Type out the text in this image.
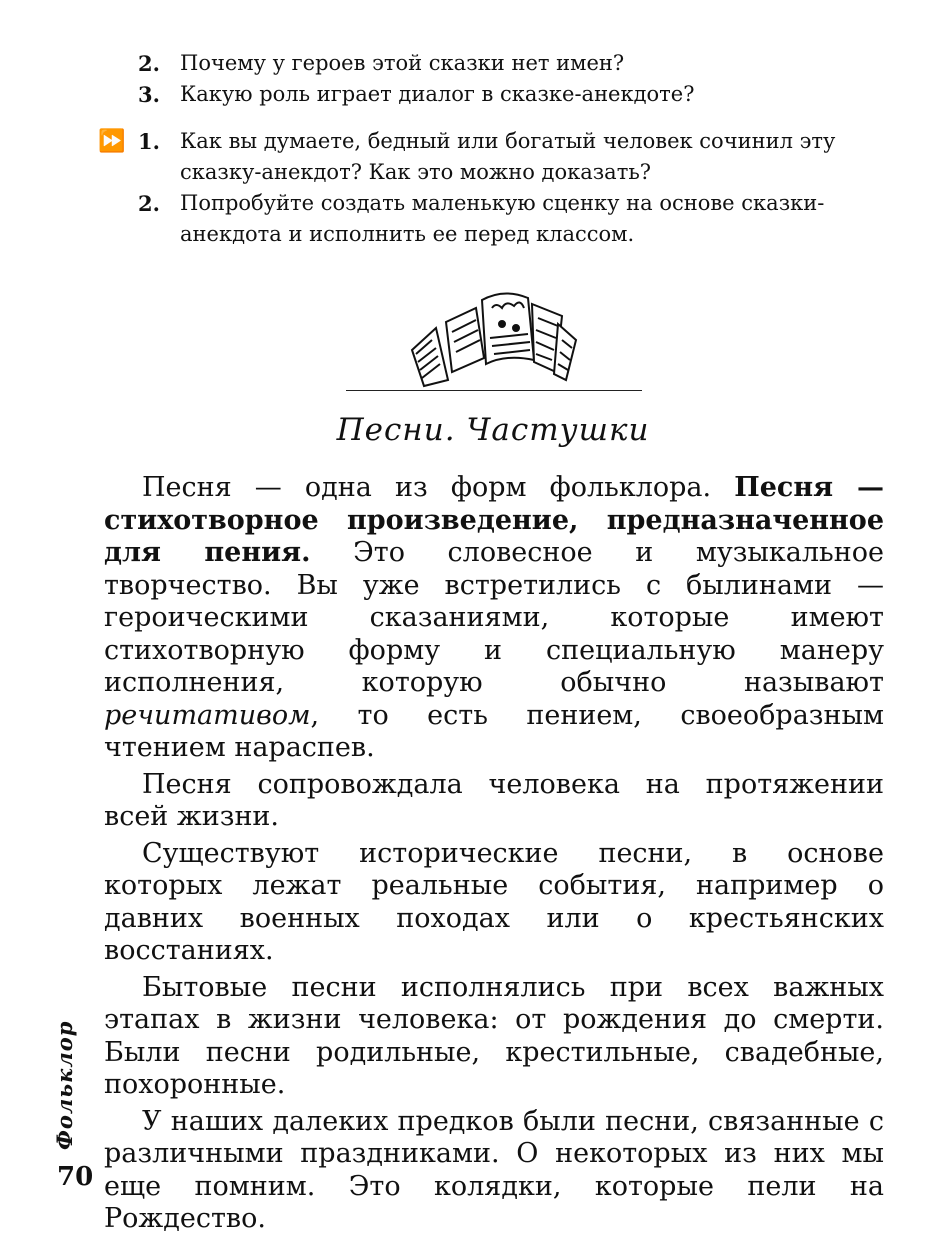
2. Почему у героев этой сказки нет имен?
3. Какую роль играет диалог в сказке-анекдоте?
⏩ 1. Как вы думаете, бедный или богатый человек сочинил эту сказку-анекдот? Как это можно доказать?
2. Попробуйте создать маленькую сценку на основе сказки-анекдота и исполнить ее перед классом.
Песни. Частушки

Песня — одна из форм фольклора. Песня — стихотворное произведение, предназначенное для пения. Это словесное и музыкальное творчество. Вы уже встретились с былинами — героическими сказаниями, которые имеют стихотворную форму и специальную манеру исполнения, которую обычно называют речитативом, то есть пением, своеобразным чтением нараспев.

Песня сопровождала человека на протяжении всей жизни.

Существуют исторические песни, в основе которых лежат реальные события, например о давних военных походах или о крестьянских восстаниях.

Бытовые песни исполнялись при всех важных этапах в жизни человека: от рождения до смерти. Были песни родильные, крестильные, свадебные, похоронные.

У наших далеких предков были песни, связанные с различными праздниками. О некоторых из них мы еще помним. Это колядки, которые пели на Рождество.

Фольклор
70
